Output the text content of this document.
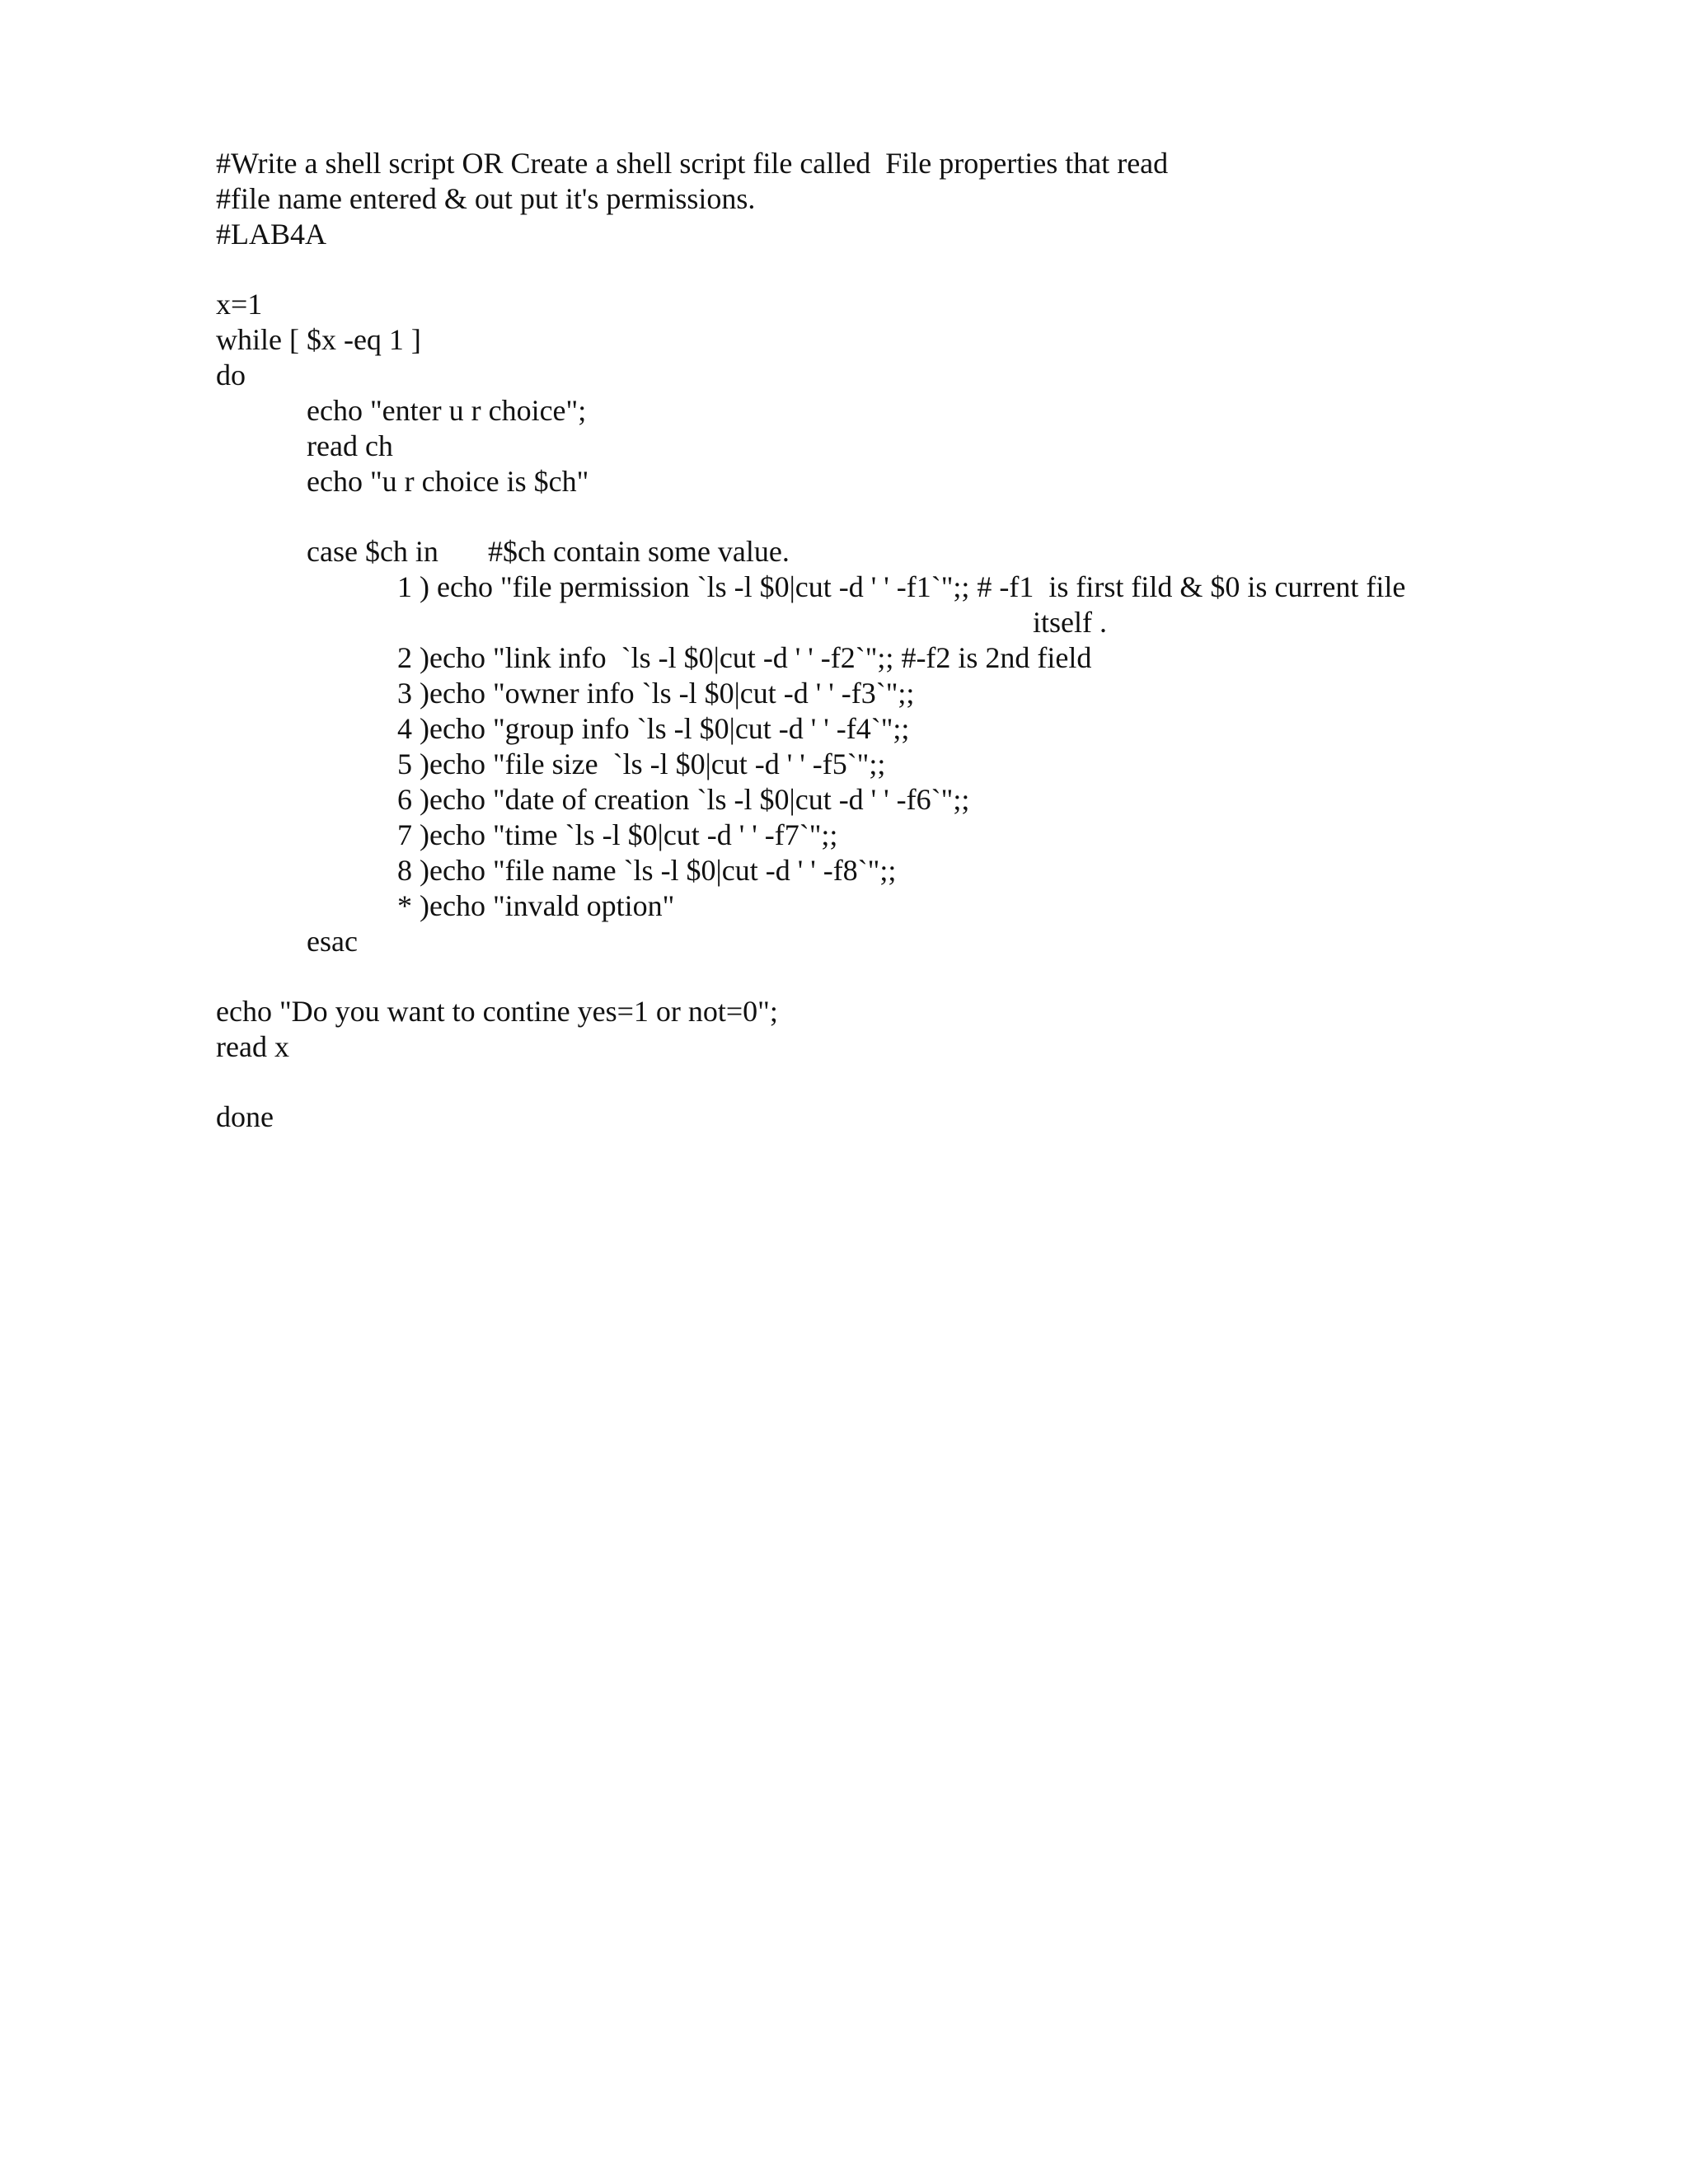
#Write a shell script OR Create a shell script file called  File properties that read
#file name entered & out put it's permissions.
#LAB4A
x=1
while [ $x -eq 1 ]
do
echo "enter u r choice";
read ch
echo "u r choice is $ch"
case $ch in #$ch contain some value.
1 ) echo "file permission `ls -l $0|cut -d ' ' -f1`";; # -f1  is first fild & $0 is current file
itself .
2 )echo "link info  `ls -l $0|cut -d ' ' -f2`";; #-f2 is 2nd field
3 )echo "owner info `ls -l $0|cut -d ' ' -f3`";;
4 )echo "group info `ls -l $0|cut -d ' ' -f4`";;
5 )echo "file size  `ls -l $0|cut -d ' ' -f5`";;
6 )echo "date of creation `ls -l $0|cut -d ' ' -f6`";;
7 )echo "time `ls -l $0|cut -d ' ' -f7`";;
8 )echo "file name `ls -l $0|cut -d ' ' -f8`";;
* )echo "invald option"
esac
echo "Do you want to contine yes=1 or not=0";
read x
done
